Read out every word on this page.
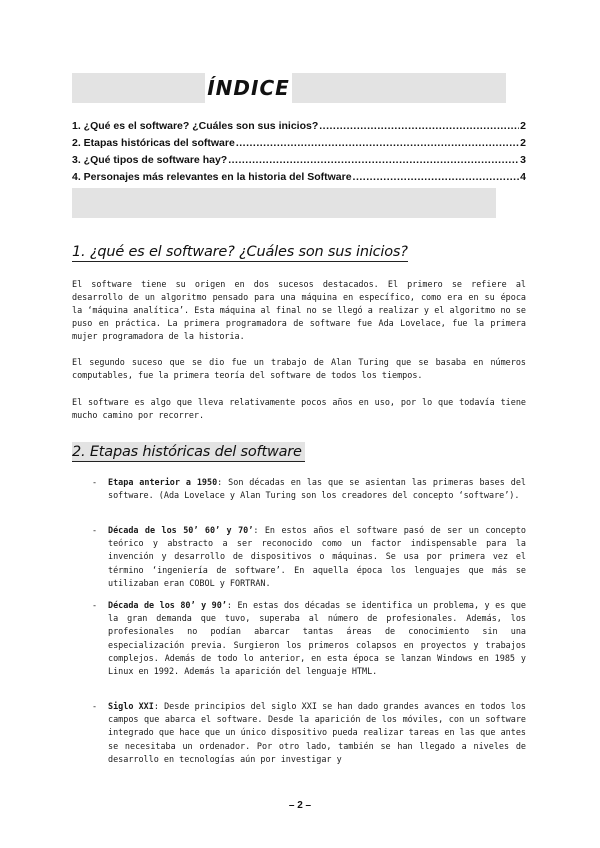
ÍNDICE
1. ¿Qué es el software? ¿Cuáles son sus inicios? .....	2
2. Etapas históricas del software .....	2
3. ¿Qué tipos de software hay? .....	3
4. Personajes más relevantes en la historia del Software .....	4
1. ¿qué es el software? ¿Cuáles son sus inicios?

El software tiene su origen en dos sucesos destacados. El primero se refiere al desarrollo de un algoritmo pensado para una máquina en específico, como era en su época la ‘máquina analítica’. Esta máquina al final no se llegó a realizar y el algoritmo no se puso en práctica. La primera programadora de software fue Ada Lovelace, fue la primera mujer programadora de la historia.

El segundo suceso que se dio fue un trabajo de Alan Turing que se basaba en números computables, fue la primera teoría del software de todos los tiempos.

El software es algo que lleva relativamente pocos años en uso, por lo que todavía tiene mucho camino por recorrer.

2. Etapas históricas del software
- Etapa anterior a 1950: Son décadas en las que se asientan las primeras bases del software. (Ada Lovelace y Alan Turing son los creadores del concepto ‘software’).
- Década de los 50’ 60’ y 70’: En estos años el software pasó de ser un concepto teórico y abstracto a ser reconocido como un factor indispensable para la invención y desarrollo de dispositivos o máquinas. Se usa por primera vez el término ‘ingeniería de software’. En aquella época los lenguajes que más se utilizaban eran COBOL y FORTRAN.
- Década de los 80’ y 90’: En estas dos décadas se identifica un problema, y es que la gran demanda que tuvo, superaba al número de profesionales. Además, los profesionales no podían abarcar tantas áreas de conocimiento sin una especialización previa. Surgieron los primeros colapsos en proyectos y trabajos complejos. Además de todo lo anterior, en esta época se lanzan Windows en 1985 y Linux en 1992. Además la aparición del lenguaje HTML.
- Siglo XXI: Desde principios del siglo XXI se han dado grandes avances en todos los campos que abarca el software. Desde la aparición de los móviles, con un software integrado que hace que un único dispositivo pueda realizar tareas en las que antes se necesitaba un ordenador. Por otro lado, también se han llegado a niveles de desarrollo en tecnologías aún por investigar y
– 2 –
